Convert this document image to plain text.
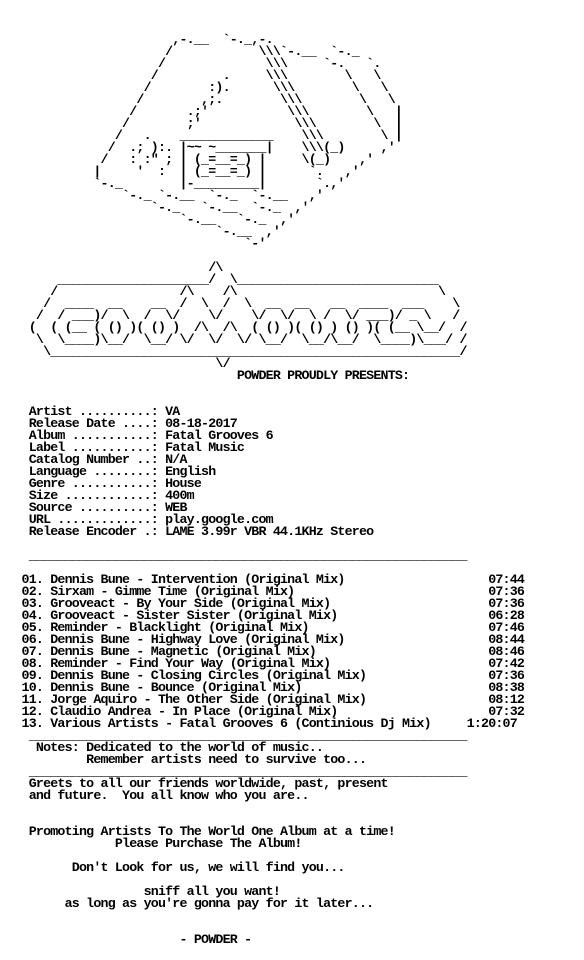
,-.__  `-._,-.
/            \\\`-.__  `-._
/              \\\     `-.   `.
/         .     \\\        \   \
/        :).      \\\        \   \
/        ,;.        \\\        \   \
/       .;'           \\\        \   |
/        ;'             \\\        \  |
/   .    _____________    \\\        \ |
/  .; ):. |~~ ~_______|    \\\(_)     ,'
/   : :" ; | (_=__=_) |     \(_)    ,'
|     '  :  | (_=__=_) |      `.   ,'
`-._        |-_________|       `.,'
`-._ `-.__  `-._  `-.__   ,'
`-._   `-.__  `-._  ,'
`-.__   `-._  ,'
`-.__  ,'
`-'
/\
_____________________/  \____________________________
/                 /\    /\                            \
/  ____  __    __  /  \  /  \  __  __   __  ____  ___    \
/  / ___)/  \  /  \/    \/    \/  \/  \ /  \/ ___)/ _ \   /
(  ( (__ ( () )( () )  /\  /\  ( () )( () ) () )( (__ \__/  /
\  \____)\__/  \__/ \/  \/  \/ \__/  \__/\__/  \____)\___/ /
\_________________________________________________________/
\/
POWDER PROUDLY PRESENTS:
Artist ..........: VA
Release Date ....: 08-18-2017
Album ...........: Fatal Grooves 6
Label ...........: Fatal Music
Catalog Number ..: N/A
Language ........: English
Genre ...........: House
Size ............: 400m
Source ..........: WEB
URL .............: play.google.com
Release Encoder .: LAME 3.99r VBR 44.1KHz Stereo
_____________________________________________________________
01. Dennis Bune - Intervention (Original Mix)                    07:44
02. Sirxam - Gimme Time (Original Mix)                           07:36
03. Grooveact - By Your Side (Original Mix)                      07:36
04. Grooveact - Sister Sister (Original Mix)                     06:28
05. Reminder - Blacklight (Original Mix)                         07:46
06. Dennis Bune - Highway Love (Original Mix)                    08:44
07. Dennis Bune - Magnetic (Original Mix)                        08:46
08. Reminder - Find Your Way (Original Mix)                      07:42
09. Dennis Bune - Closing Circles (Original Mix)                 07:36
10. Dennis Bune - Bounce (Original Mix)                          08:38
11. Jorge Aquiro - The Other Side (Original Mix)                 08:12
12. Claudio Andrea - In Place (Original Mix)                     07:32
13. Various Artists - Fatal Grooves 6 (Continious Dj Mix)     1:20:07
_____________________________________________________________
Notes: Dedicated to the world of music..
Remember artists need to survive too...
_____________________________________________________________
Greets to all our friends worldwide, past, present
and future.  You all know who you are..
Promoting Artists To The World One Album at a time!
Please Purchase The Album!
Don't Look for us, we will find you...
sniff all you want!
as long as you're gonna pay for it later...
- POWDER -
